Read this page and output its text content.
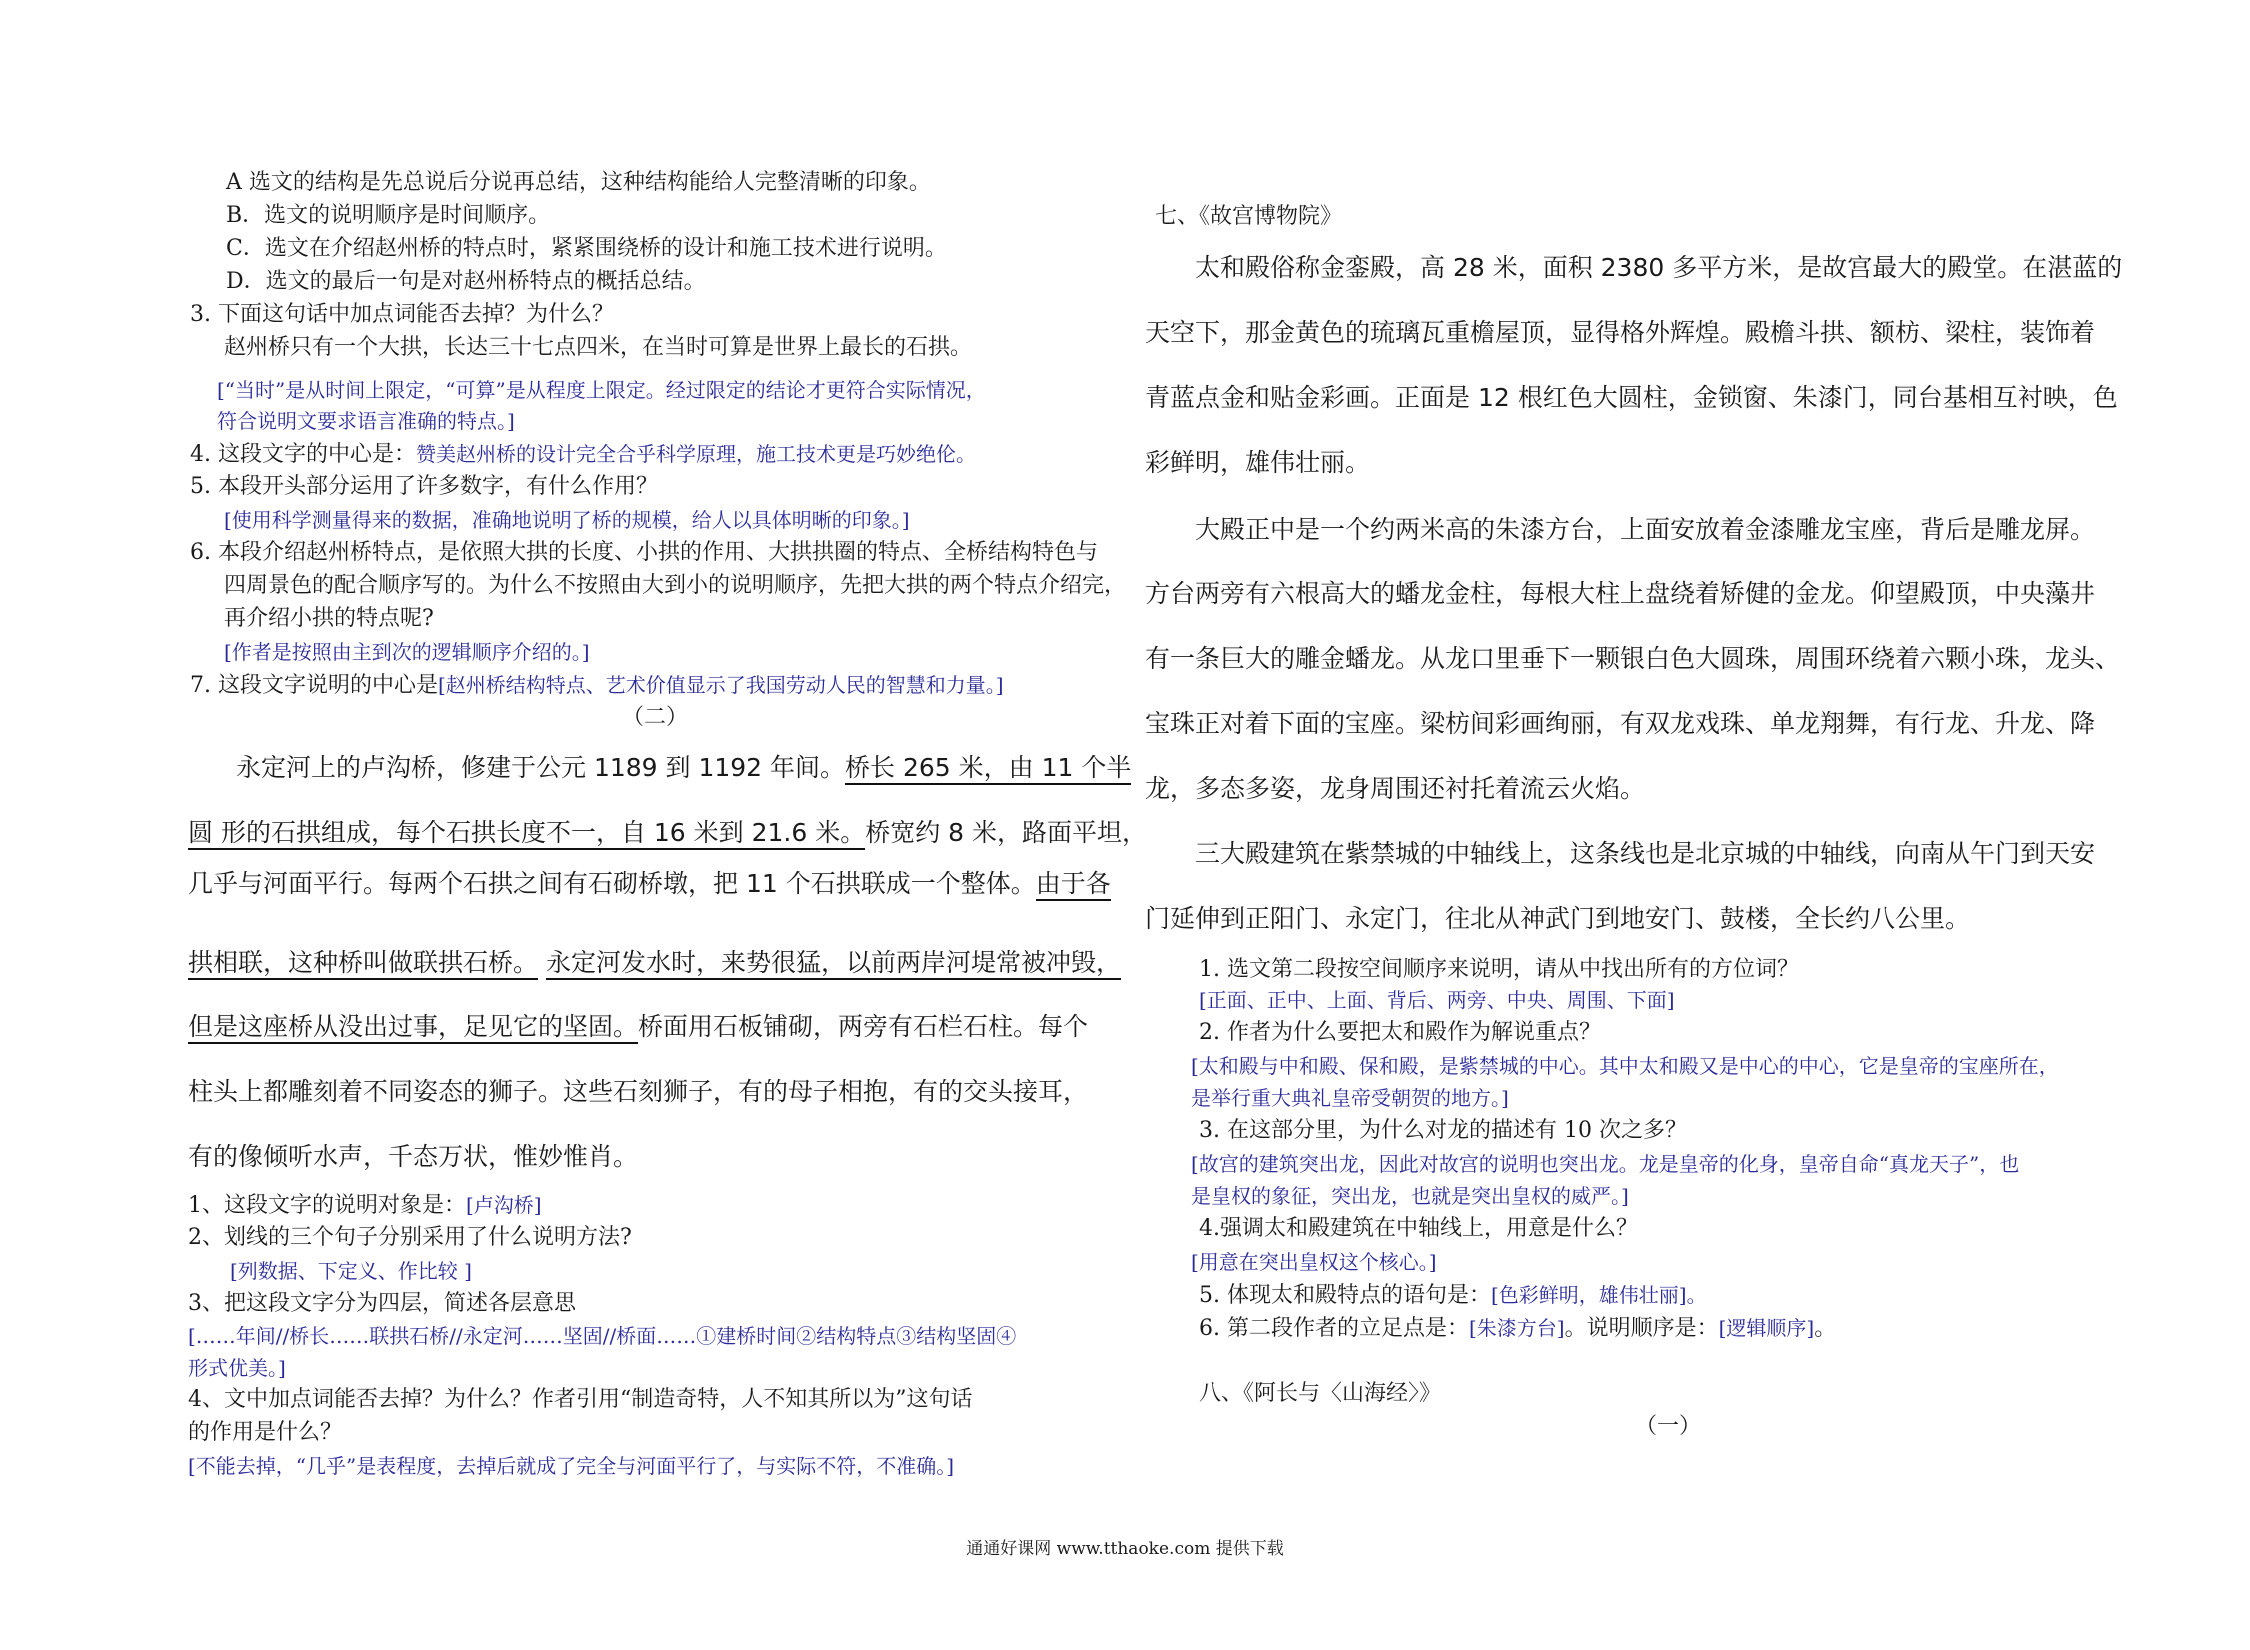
A 选文的结构是先总说后分说再总结，这种结构能给人完整清晰的印象。
B．选文的说明顺序是时间顺序。
C．选文在介绍赵州桥的特点时，紧紧围绕桥的设计和施工技术进行说明。
D．选文的最后一句是对赵州桥特点的概括总结。
3. 下面这句话中加点词能否去掉？为什么？
赵州桥只有一个大拱，长达三十七点四米，在当时可算是世界上最长的石拱。
[“当时”是从时间上限定，“可算”是从程度上限定。经过限定的结论才更符合实际情况，
符合说明文要求语言准确的特点。]
4. 这段文字的中心是：赞美赵州桥的设计完全合乎科学原理，施工技术更是巧妙绝伦。
5. 本段开头部分运用了许多数字，有什么作用？
[使用科学测量得来的数据，准确地说明了桥的规模，给人以具体明晰的印象。]
6. 本段介绍赵州桥特点，是依照大拱的长度、小拱的作用、大拱拱圈的特点、全桥结构特色与
四周景色的配合顺序写的。为什么不按照由大到小的说明顺序，先把大拱的两个特点介绍完，
再介绍小拱的特点呢?
[作者是按照由主到次的逻辑顺序介绍的。]
7. 这段文字说明的中心是[赵州桥结构特点、艺术价值显示了我国劳动人民的智慧和力量。]
（二）
永定河上的卢沟桥，修建于公元 1189 到 1192 年间。桥长 265 米，由 11 个半
圆 形的石拱组成，每个石拱长度不一，自 16 米到 21.6 米。桥宽约 8 米，路面平坦，
几乎与河面平行。每两个石拱之间有石砌桥墩，把 11 个石拱联成一个整体。由于各
拱相联，这种桥叫做联拱石桥。 永定河发水时，来势很猛，以前两岸河堤常被冲毁，
但是这座桥从没出过事，足见它的坚固。桥面用石板铺砌，两旁有石栏石柱。每个
柱头上都雕刻着不同姿态的狮子。这些石刻狮子，有的母子相抱，有的交头接耳，
有的像倾听水声，千态万状，惟妙惟肖。
1、这段文字的说明对象是：[卢沟桥]
2、划线的三个句子分别采用了什么说明方法?
[列数据、下定义、作比较 ]
3、把这段文字分为四层，简述各层意思
[……年间//桥长……联拱石桥//永定河……坚固//桥面……①建桥时间②结构特点③结构坚固④
形式优美。]
4、文中加点词能否去掉？为什么？作者引用“制造奇特，人不知其所以为”这句话
的作用是什么？
[不能去掉，“几乎”是表程度，去掉后就成了完全与河面平行了，与实际不符，不准确。]
七、《故宫博物院》
太和殿俗称金銮殿，高 28 米，面积 2380 多平方米，是故宫最大的殿堂。在湛蓝的
天空下，那金黄色的琉璃瓦重檐屋顶，显得格外辉煌。殿檐斗拱、额枋、梁柱，装饰着
青蓝点金和贴金彩画。正面是 12 根红色大圆柱，金锁窗、朱漆门，同台基相互衬映，色
彩鲜明，雄伟壮丽。
大殿正中是一个约两米高的朱漆方台，上面安放着金漆雕龙宝座，背后是雕龙屏。
方台两旁有六根高大的蟠龙金柱，每根大柱上盘绕着矫健的金龙。仰望殿顶，中央藻井
有一条巨大的雕金蟠龙。从龙口里垂下一颗银白色大圆珠，周围环绕着六颗小珠，龙头、
宝珠正对着下面的宝座。梁枋间彩画绚丽，有双龙戏珠、单龙翔舞，有行龙、升龙、降
龙，多态多姿，龙身周围还衬托着流云火焰。
三大殿建筑在紫禁城的中轴线上，这条线也是北京城的中轴线，向南从午门到天安
门延伸到正阳门、永定门，往北从神武门到地安门、鼓楼，全长约八公里。
1. 选文第二段按空间顺序来说明，请从中找出所有的方位词？
[正面、正中、上面、背后、两旁、中央、周围、下面]
2. 作者为什么要把太和殿作为解说重点？
[太和殿与中和殿、保和殿，是紫禁城的中心。其中太和殿又是中心的中心，它是皇帝的宝座所在，
是举行重大典礼皇帝受朝贺的地方。]
3. 在这部分里，为什么对龙的描述有 10 次之多？
[故宫的建筑突出龙，因此对故宫的说明也突出龙。龙是皇帝的化身，皇帝自命“真龙天子”，也
是皇权的象征，突出龙，也就是突出皇权的威严。]
4.强调太和殿建筑在中轴线上，用意是什么？
[用意在突出皇权这个核心。]
5. 体现太和殿特点的语句是：[色彩鲜明，雄伟壮丽]。
6. 第二段作者的立足点是：[朱漆方台]。说明顺序是：[逻辑顺序]。
八、《阿长与〈山海经〉》
（一）
通通好课网 www.tthaoke.com 提供下载
